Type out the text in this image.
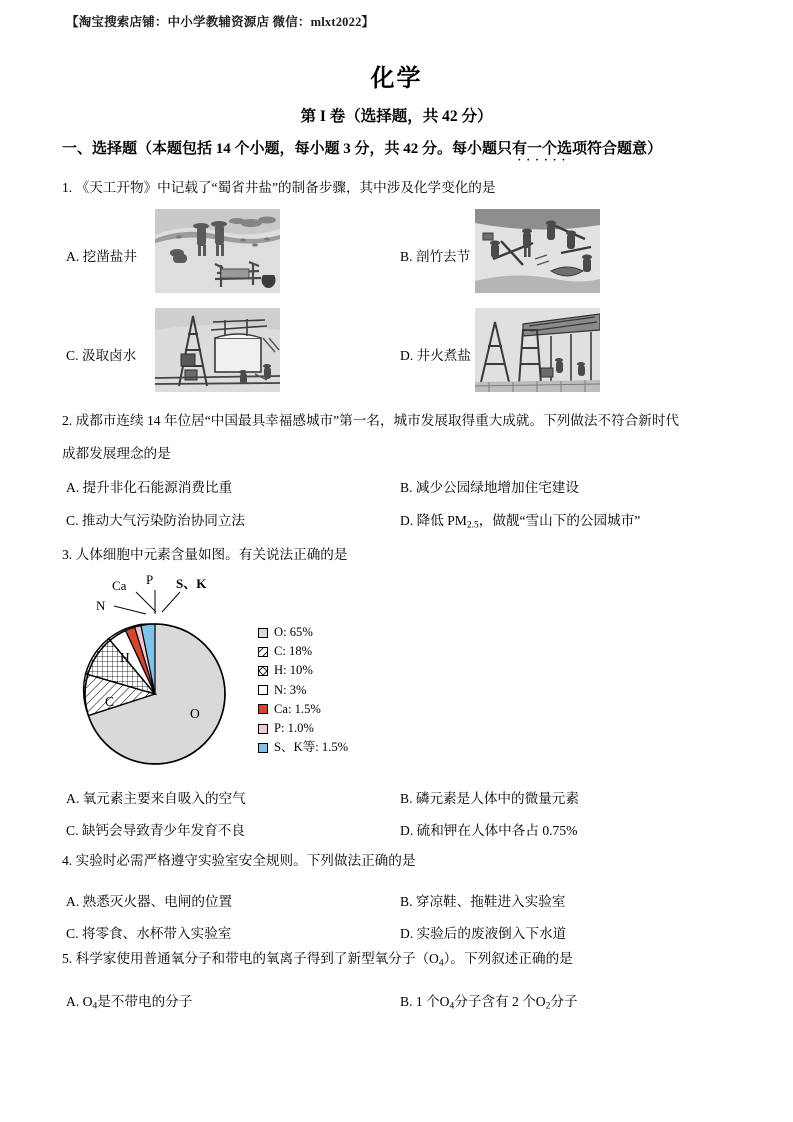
【淘宝搜索店铺：中小学教辅资源店 微信：mlxt2022】
化学
第 I 卷（选择题，共 42 分）
一、选择题（本题包括 14 个小题，每小题 3 分，共 42 分。每小题只有一个选项 · · ·符合题意）
1. 《天工开物》中记载了“蜀省井盐”的制备步骤，其中涉及化学变化的是
A. 挖凿盐井	B. 剖竹去节
C. 汲取卤水	D. 井火煮盐
2. 成都市连续 14 年位居“中国最具幸福感城市”第一名，城市发展取得重大成就。下列做法不符合新时代
成都发展理念的是
A. 提升非化石能源消费比重	B. 减少公园绿地增加住宅建设
C. 推动大气污染防治协同立法	D. 降低 $PM_{2.5}$，做靓“雪山下的公园城市”
3. 人体细胞中元素含量如图。有关说法正确的是
N
Ca P S、K
O
C
H
O: 65%
C: 18%
H: 10%
N: 3%
Ca: 1.5%
P: 1.0%
S、K等: 1.5%
A. 氧元素主要来自吸入的空气	B. 磷元素是人体中的微量元素
C. 缺钙会导致青少年发育不良	D. 硫和钾在人体中各占 0.75%
4. 实验时必需严格遵守实验室安全规则。下列做法正确的是
A. 熟悉灭火器、电闸的位置	B. 穿凉鞋、拖鞋进入实验室
C. 将零食、水杯带入实验室	D. 实验后的废液倒入下水道
5. 科学家使用普通氧分子和带电的氧离子得到了新型氧分子$(O_4)$。下列叙述正确的是
A. $O_4$是不带电的分子	B. 1 个$O_4$分子含有 2 个$O_2$分子
